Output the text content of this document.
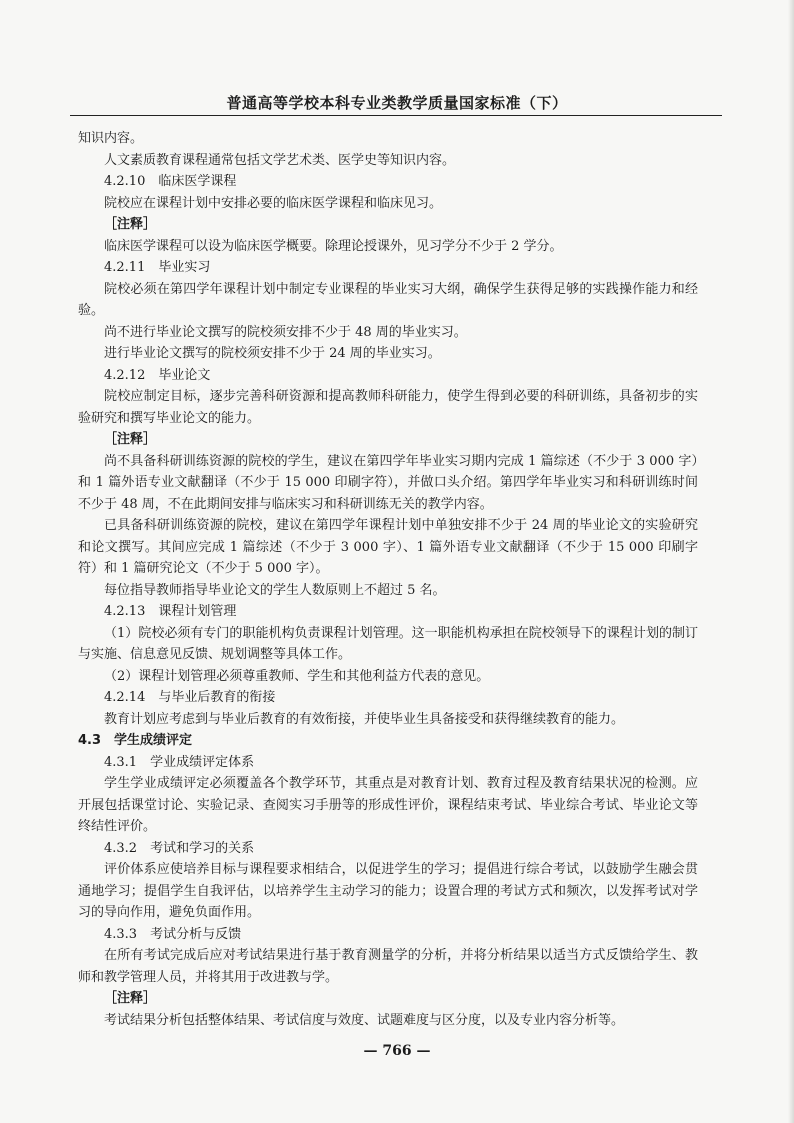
普通高等学校本科专业类教学质量国家标准（下）

知识内容。

人文素质教育课程通常包括文学艺术类、医学史等知识内容。

4.2.10　临床医学课程

院校应在课程计划中安排必要的临床医学课程和临床见习。

［注释］

临床医学课程可以设为临床医学概要。除理论授课外，见习学分不少于 2 学分。

4.2.11　毕业实习

院校必须在第四学年课程计划中制定专业课程的毕业实习大纲，确保学生获得足够的实践操作能力和经验。

尚不进行毕业论文撰写的院校须安排不少于 48 周的毕业实习。

进行毕业论文撰写的院校须安排不少于 24 周的毕业实习。

4.2.12　毕业论文

院校应制定目标，逐步完善科研资源和提高教师科研能力，使学生得到必要的科研训练，具备初步的实验研究和撰写毕业论文的能力。

［注释］

尚不具备科研训练资源的院校的学生，建议在第四学年毕业实习期内完成 1 篇综述（不少于 3 000 字）和 1 篇外语专业文献翻译（不少于 15 000 印刷字符），并做口头介绍。第四学年毕业实习和科研训练时间不少于 48 周，不在此期间安排与临床实习和科研训练无关的教学内容。

已具备科研训练资源的院校，建议在第四学年课程计划中单独安排不少于 24 周的毕业论文的实验研究和论文撰写。其间应完成 1 篇综述（不少于 3 000 字）、1 篇外语专业文献翻译（不少于 15 000 印刷字符）和 1 篇研究论文（不少于 5 000 字）。

每位指导教师指导毕业论文的学生人数原则上不超过 5 名。

4.2.13　课程计划管理

（1）院校必须有专门的职能机构负责课程计划管理。这一职能机构承担在院校领导下的课程计划的制订与实施、信息意见反馈、规划调整等具体工作。

（2）课程计划管理必须尊重教师、学生和其他利益方代表的意见。

4.2.14　与毕业后教育的衔接

教育计划应考虑到与毕业后教育的有效衔接，并使毕业生具备接受和获得继续教育的能力。

4.3　学生成绩评定

4.3.1　学业成绩评定体系

学生学业成绩评定必须覆盖各个教学环节，其重点是对教育计划、教育过程及教育结果状况的检测。应开展包括课堂讨论、实验记录、查阅实习手册等的形成性评价，课程结束考试、毕业综合考试、毕业论文等终结性评价。

4.3.2　考试和学习的关系

评价体系应使培养目标与课程要求相结合，以促进学生的学习；提倡进行综合考试，以鼓励学生融会贯通地学习；提倡学生自我评估，以培养学生主动学习的能力；设置合理的考试方式和频次，以发挥考试对学习的导向作用，避免负面作用。

4.3.3　考试分析与反馈

在所有考试完成后应对考试结果进行基于教育测量学的分析，并将分析结果以适当方式反馈给学生、教师和教学管理人员，并将其用于改进教与学。

［注释］

考试结果分析包括整体结果、考试信度与效度、试题难度与区分度，以及专业内容分析等。

— 766 —
